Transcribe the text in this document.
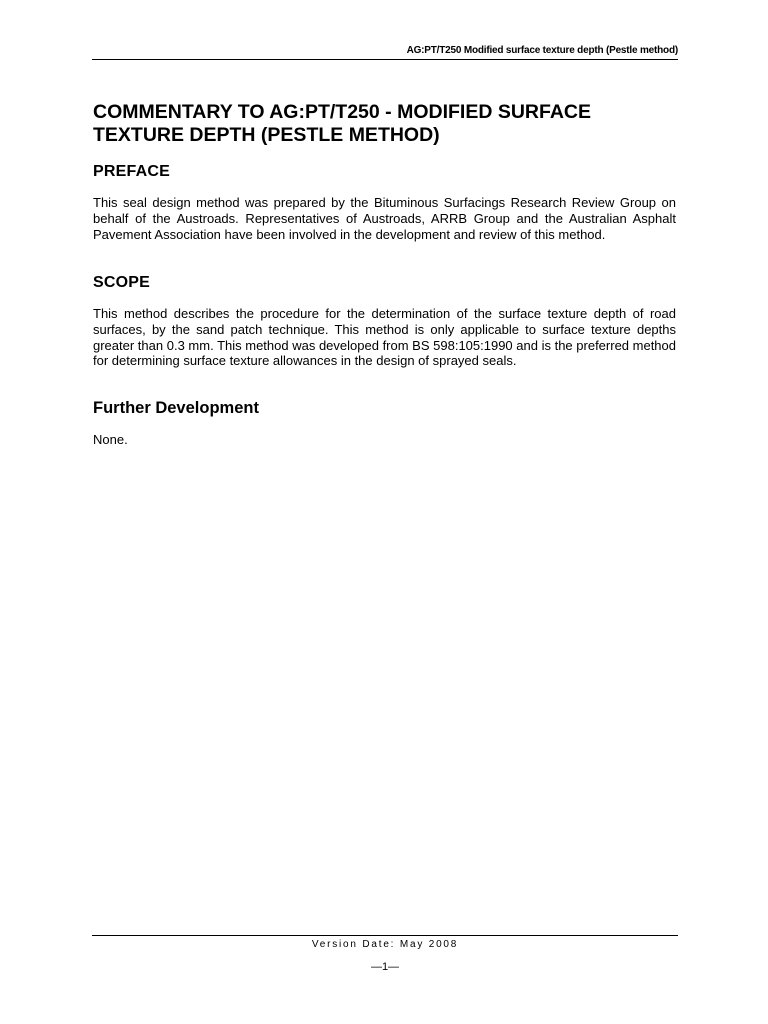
AG:PT/T250 Modified surface texture depth (Pestle method)
COMMENTARY TO AG:PT/T250 - MODIFIED SURFACE TEXTURE DEPTH (PESTLE METHOD)
PREFACE

This seal design method was prepared by the Bituminous Surfacings Research Review Group on behalf of the Austroads. Representatives of Austroads, ARRB Group and the Australian Asphalt Pavement Association have been involved in the development and review of this method.

SCOPE

This method describes the procedure for the determination of the surface texture depth of road surfaces, by the sand patch technique. This method is only applicable to surface texture depths greater than 0.3 mm. This method was developed from BS 598:105:1990 and is the preferred method for determining surface texture allowances in the design of sprayed seals.

Further Development

None.

Version Date: May 2008
—1—
